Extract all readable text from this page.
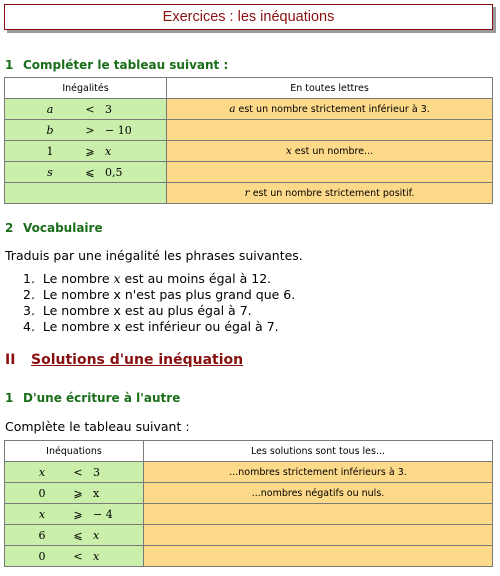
Exercices : les inéquations
1 Compléter le tableau suivant :
Inégalités	En toutes lettres

a < 3	a est un nombre strictement inférieur à 3.

b > − 10	

1 ⩾ x	x est un nombre...

s ⩽ 0,5	

	r est un nombre strictement positif.
2 Vocabulaire
Traduis par une inégalité les phrases suivantes.
1. Le nombre x est au moins égal à 12.
2. Le nombre x n'est pas plus grand que 6.
3. Le nombre x est au plus égal à 7.
4. Le nombre x est inférieur ou égal à 7.
II Solutions d'une inéquation
1 D'une écriture à l'autre
Complète le tableau suivant :
Inéquations	Les solutions sont tous les...

x < 3	...nombres strictement inférieurs à 3.

0 ⩾ x	...nombres négatifs ou nuls.

x ⩾ − 4	

6 ⩽ x	

0 < x	
